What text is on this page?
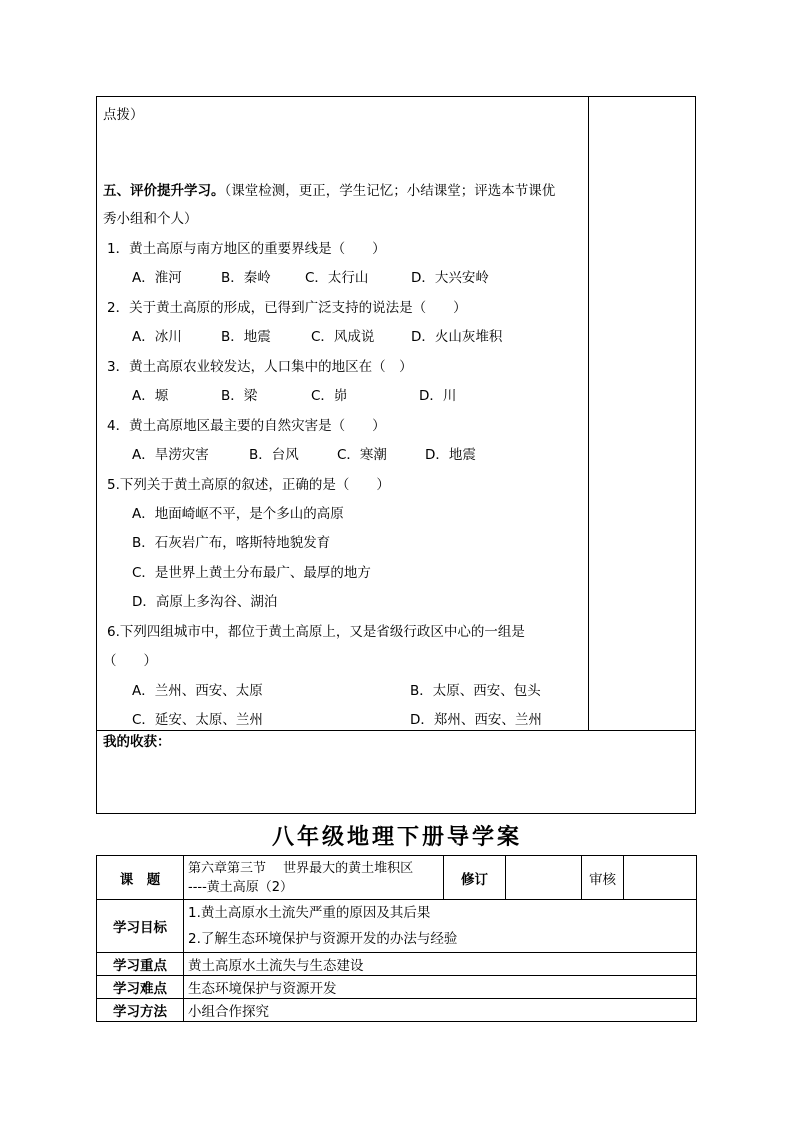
点拨）
五、评价提升学习。（课堂检测，更正，学生记忆；小结课堂；评选本节课优
秀小组和个人）
1．黄土高原与南方地区的重要界线是（　　）
A．淮河	B．秦岭	C．太行山	D．大兴安岭
2．关于黄土高原的形成，已得到广泛支持的说法是（　　）
A．冰川	B．地震	C．风成说	D．火山灰堆积
3．黄土高原农业较发达，人口集中的地区在（　）
A．塬	B．梁	C．峁	D．川
4．黄土高原地区最主要的自然灾害是（　　）
A．旱涝灾害	B．台风	C．寒潮	D．地震
5.下列关于黄土高原的叙述，正确的是（　　）
A．地面崎岖不平，是个多山的高原
B．石灰岩广布，喀斯特地貌发育
C．是世界上黄土分布最广、最厚的地方
D．高原上多沟谷、湖泊
6.下列四组城市中，都位于黄土高原上，又是省级行政区中心的一组是
（　　）
A．兰州、西安、太原	B．太原、西安、包头
C．延安、太原、兰州	D．郑州、西安、兰州
我的收获：
八年级地理下册导学案
课　题	第六章第三节　 世界最大的黄土堆积区
----黄土高原（2）	修订		审核	
学习目标	1.黄土高原水土流失严重的原因及其后果
2.了解生态环境保护与资源开发的办法与经验				

学习重点	黄土高原水土流失与生态建设				
学习难点	生态环境保护与资源开发				
学习方法	小组合作探究				
